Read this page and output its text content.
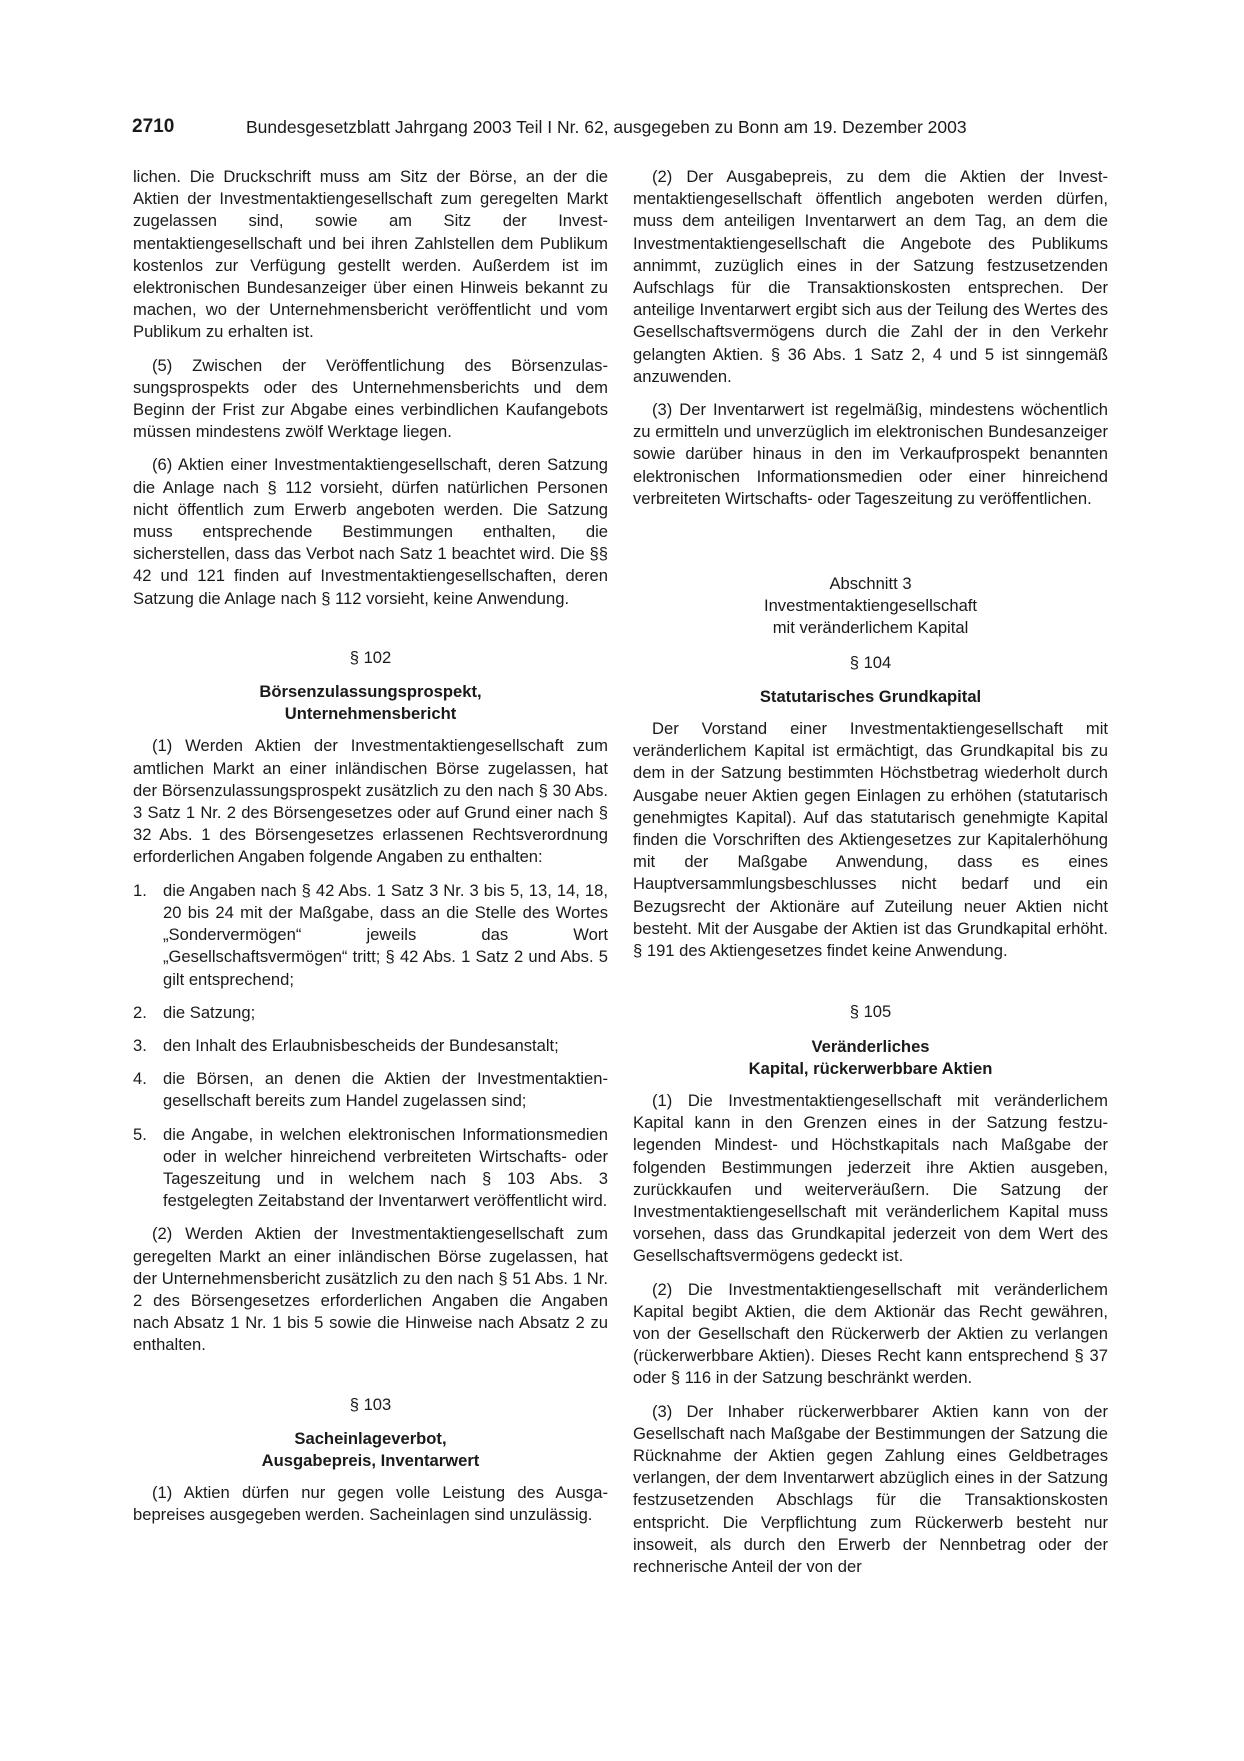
2710	Bundesgesetzblatt Jahrgang 2003 Teil I Nr. 62, ausgegeben zu Bonn am 19. Dezember 2003

lichen. Die Druckschrift muss am Sitz der Börse, an der die Aktien der Investmentaktiengesellschaft zum geregelten Markt zugelassen sind, sowie am Sitz der Investmentaktiengesellschaft und bei ihren Zahlstellen dem Publikum kostenlos zur Verfügung gestellt werden. Außerdem ist im elektronischen Bundesanzeiger über einen Hinweis bekannt zu machen, wo der Unternehmensbericht veröffentlicht und vom Publikum zu erhalten ist.

(5) Zwischen der Veröffentlichung des Börsenzulassungsprospekts oder des Unternehmensberichts und dem Beginn der Frist zur Abgabe eines verbindlichen Kaufangebots müssen mindestens zwölf Werktage liegen.

(6) Aktien einer Investmentaktiengesellschaft, deren Satzung die Anlage nach § 112 vorsieht, dürfen natürlichen Personen nicht öffentlich zum Erwerb angeboten werden. Die Satzung muss entsprechende Bestimmungen enthalten, die sicherstellen, dass das Verbot nach Satz 1 beachtet wird. Die §§ 42 und 121 finden auf Investmentaktiengesellschaften, deren Satzung die Anlage nach § 112 vorsieht, keine Anwendung.

§ 102
Börsenzulassungsprospekt,
Unternehmensbericht

(1) Werden Aktien der Investmentaktiengesellschaft zum amtlichen Markt an einer inländischen Börse zugelassen, hat der Börsenzulassungsprospekt zusätzlich zu den nach § 30 Abs. 3 Satz 1 Nr. 2 des Börsengesetzes oder auf Grund einer nach § 32 Abs. 1 des Börsengesetzes erlassenen Rechtsverordnung erforderlichen Angaben folgende Angaben zu enthalten:

1. die Angaben nach § 42 Abs. 1 Satz 3 Nr. 3 bis 5, 13, 14, 18, 20 bis 24 mit der Maßgabe, dass an die Stelle des Wortes „Sondervermögen“ jeweils das Wort „Gesellschaftsvermögen“ tritt; § 42 Abs. 1 Satz 2 und Abs. 5 gilt entsprechend;
2. die Satzung;
3. den Inhalt des Erlaubnisbescheids der Bundesanstalt;
4. die Börsen, an denen die Aktien der Investmentaktiengesellschaft bereits zum Handel zugelassen sind;
5. die Angabe, in welchen elektronischen Informationsmedien oder in welcher hinreichend verbreiteten Wirtschafts- oder Tageszeitung und in welchem nach § 103 Abs. 3 festgelegten Zeitabstand der Inventarwert veröffentlicht wird.

(2) Werden Aktien der Investmentaktiengesellschaft zum geregelten Markt an einer inländischen Börse zugelassen, hat der Unternehmensbericht zusätzlich zu den nach § 51 Abs. 1 Nr. 2 des Börsengesetzes erforderlichen Angaben die Angaben nach Absatz 1 Nr. 1 bis 5 sowie die Hinweise nach Absatz 2 zu enthalten.

§ 103
Sacheinlageverbot,
Ausgabepreis, Inventarwert

(1) Aktien dürfen nur gegen volle Leistung des Ausgabepreises ausgegeben werden. Sacheinlagen sind unzulässig.

(2) Der Ausgabepreis, zu dem die Aktien der Investmentaktiengesellschaft öffentlich angeboten werden dürfen, muss dem anteiligen Inventarwert an dem Tag, an dem die Investmentaktiengesellschaft die Angebote des Publikums annimmt, zuzüglich eines in der Satzung festzusetzenden Aufschlags für die Transaktionskosten entsprechen. Der anteilige Inventarwert ergibt sich aus der Teilung des Wertes des Gesellschaftsvermögens durch die Zahl der in den Verkehr gelangten Aktien. § 36 Abs. 1 Satz 2, 4 und 5 ist sinngemäß anzuwenden.

(3) Der Inventarwert ist regelmäßig, mindestens wöchentlich zu ermitteln und unverzüglich im elektronischen Bundesanzeiger sowie darüber hinaus in den im Verkaufprospekt benannten elektronischen Informationsmedien oder einer hinreichend verbreiteten Wirtschafts- oder Tageszeitung zu veröffentlichen.

Abschnitt 3
Investmentaktiengesellschaft
mit veränderlichem Kapital
§ 104
Statutarisches Grundkapital

Der Vorstand einer Investmentaktiengesellschaft mit veränderlichem Kapital ist ermächtigt, das Grundkapital bis zu dem in der Satzung bestimmten Höchstbetrag wiederholt durch Ausgabe neuer Aktien gegen Einlagen zu erhöhen (statutarisch genehmigtes Kapital). Auf das statutarisch genehmigte Kapital finden die Vorschriften des Aktiengesetzes zur Kapitalerhöhung mit der Maßgabe Anwendung, dass es eines Hauptversammlungsbeschlusses nicht bedarf und ein Bezugsrecht der Aktionäre auf Zuteilung neuer Aktien nicht besteht. Mit der Ausgabe der Aktien ist das Grundkapital erhöht. § 191 des Aktiengesetzes findet keine Anwendung.

§ 105
Veränderliches
Kapital, rückerwerbbare Aktien

(1) Die Investmentaktiengesellschaft mit veränderlichem Kapital kann in den Grenzen eines in der Satzung festzulegenden Mindest- und Höchstkapitals nach Maßgabe der folgenden Bestimmungen jederzeit ihre Aktien ausgeben, zurückkaufen und weiterveräußern. Die Satzung der Investmentaktiengesellschaft mit veränderlichem Kapital muss vorsehen, dass das Grundkapital jederzeit von dem Wert des Gesellschaftsvermögens gedeckt ist.

(2) Die Investmentaktiengesellschaft mit veränderlichem Kapital begibt Aktien, die dem Aktionär das Recht gewähren, von der Gesellschaft den Rückerwerb der Aktien zu verlangen (rückerwerbbare Aktien). Dieses Recht kann entsprechend § 37 oder § 116 in der Satzung beschränkt werden.

(3) Der Inhaber rückerwerbbarer Aktien kann von der Gesellschaft nach Maßgabe der Bestimmungen der Satzung die Rücknahme der Aktien gegen Zahlung eines Geldbetrages verlangen, der dem Inventarwert abzüglich eines in der Satzung festzusetzenden Abschlags für die Transaktionskosten entspricht. Die Verpflichtung zum Rückerwerb besteht nur insoweit, als durch den Erwerb der Nennbetrag oder der rechnerische Anteil der von der
